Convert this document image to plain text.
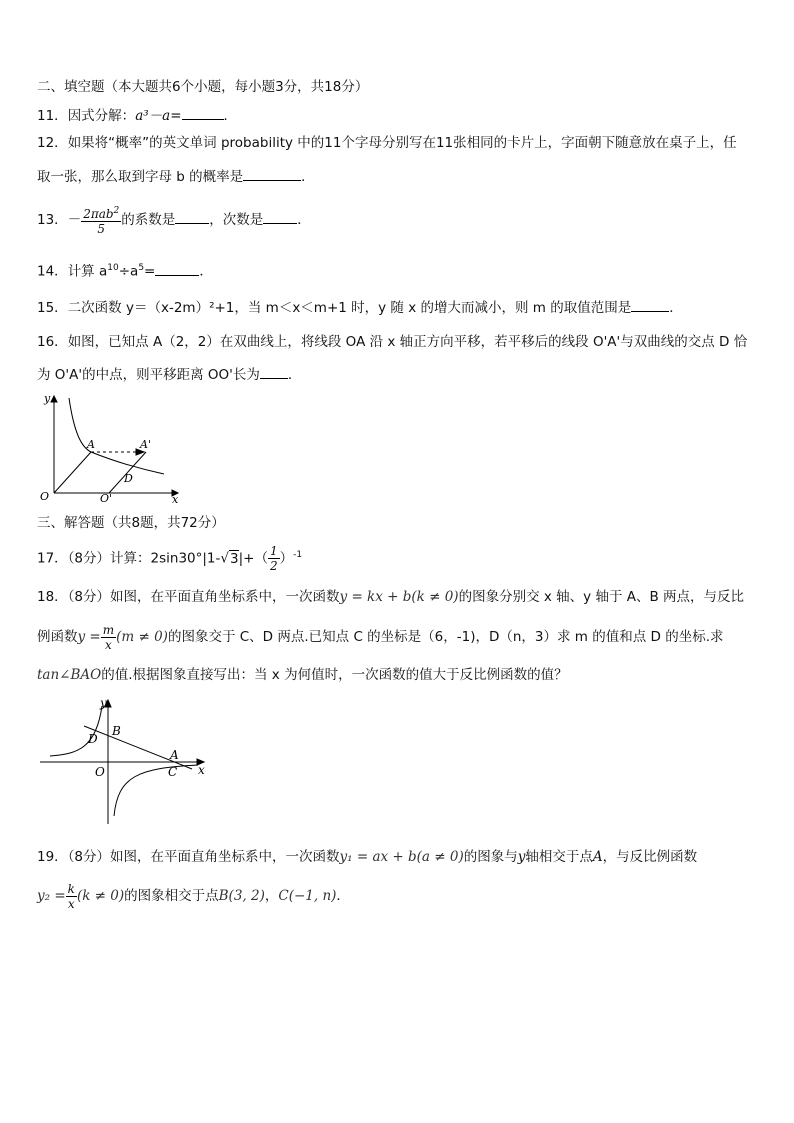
二、填空题（本大题共6个小题，每小题3分，共18分）
11．因式分解：a³－a=	．
12．如果将“概率”的英文单词 probability 中的11个字母分别写在11张相同的卡片上，字面朝下随意放在桌子上，任
取一张，那么取到字母 b 的概率是	．
13．－ $\frac{2\pi ab^2}{5}$ 的系数是	，次数是	．
14．计算 $a^{10}\div a^5=$	．
15．二次函数 y＝（x-2m）²+1，当 m＜x＜m+1 时，y 随 x 的增大而减小，则 m 的取值范围是	．
16．如图，已知点 A（2，2）在双曲线上，将线段 OA 沿 x 轴正方向平移，若平移后的线段 O'A'与双曲线的交点 D 恰
为 O'A'的中点，则平移距离 OO'长为 ．
y
x
O
A	A'
D
O'
三、解答题（共8题，共72分）
17．（8分）计算：$2\sin 30^\circ|1-√3|+( \frac{1}{2} )^{-1}$
18．（8分）如图，在平面直角坐标系中，一次函数y = kx + b(k ≠ 0)的图象分别交 x 轴、y 轴于 A、B 两点，与反比
例函数$y = \frac{m}{x} (m \ne 0)$的图象交于 C、D 两点.已知点 C 的坐标是（6，-1)，D（n，3）求 m 的值和点 D 的坐标.求
tan∠BAO的值.根据图象直接写出：当 x 为何值时，一次函数的值大于反比例函数的值？
y
x
O
B
D
A
C
19．（8分）如图，在平面直角坐标系中，一次函数y₁ = ax + b(a ≠ 0)的图象与y轴相交于点A，与反比例函数
$y_2 = \frac{k}{x} (k \ne 0)$的图象相交于点B(3, 2)，C(−1, n)．
